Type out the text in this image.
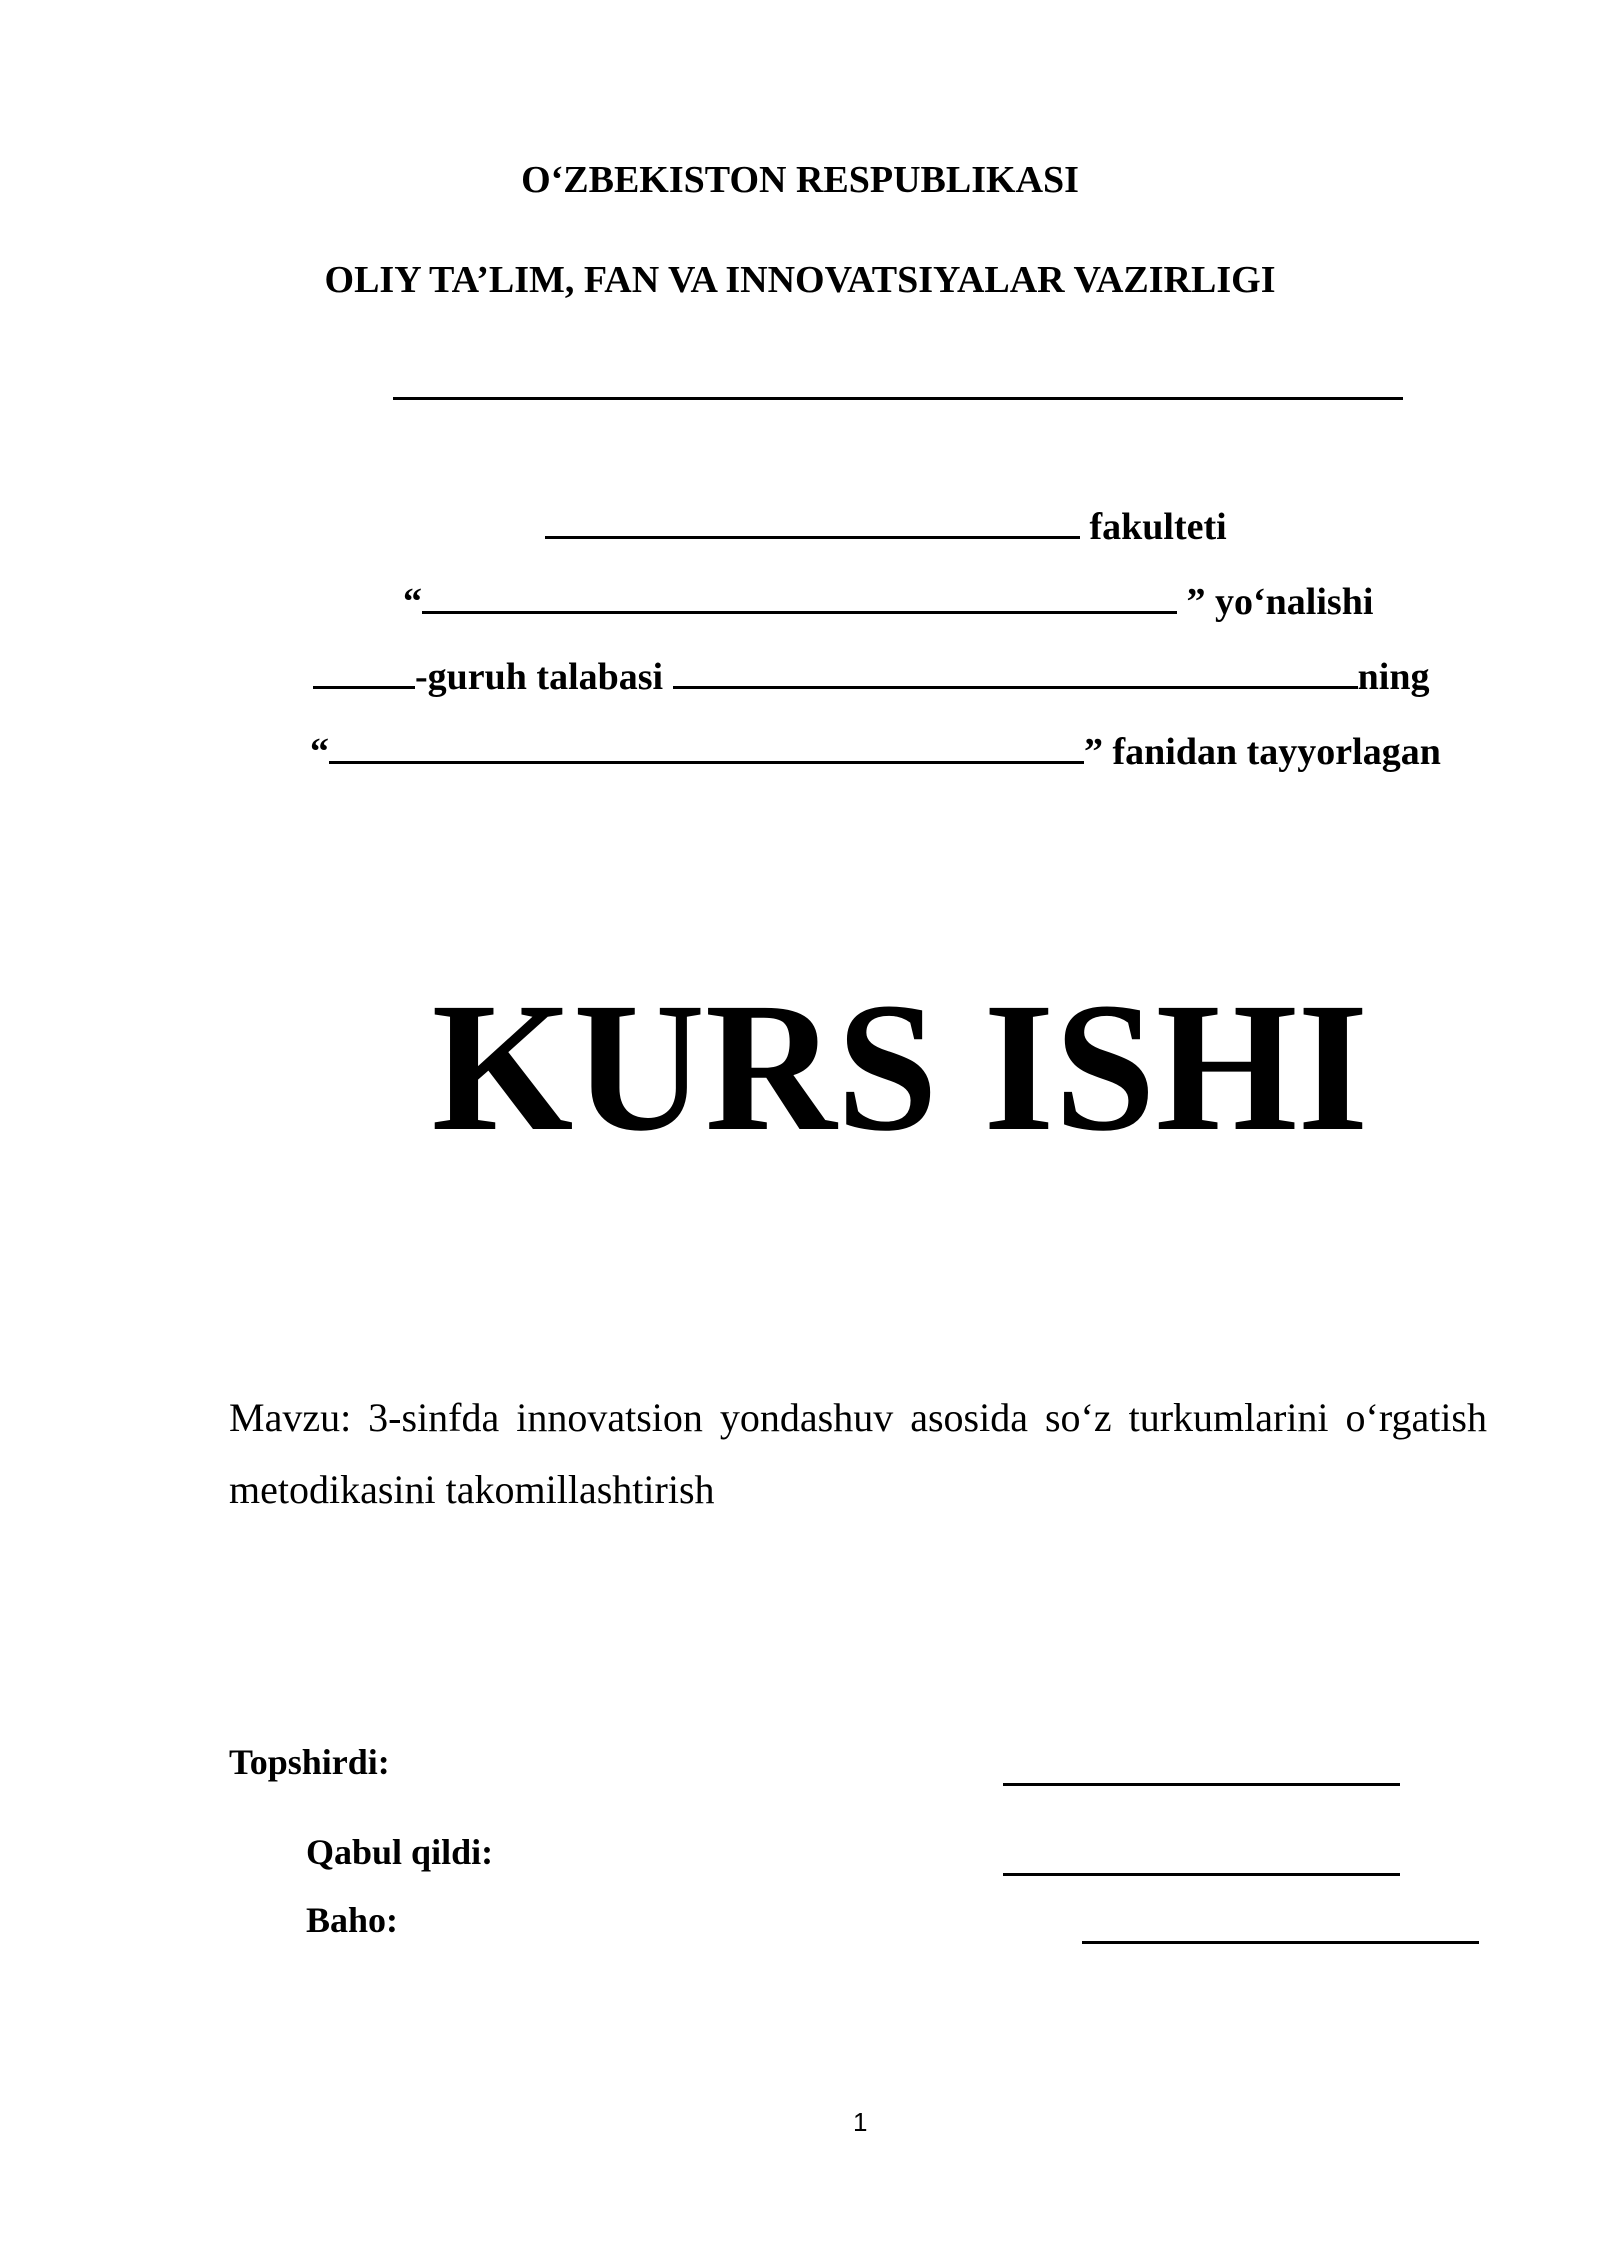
O‘ZBEKISTON RESPUBLIKASI
OLIY TA’LIM, FAN VA INNOVATSIYALAR VAZIRLIGI
fakulteti
“	” yo‘nalishi
-guruh talabasi	ning
“	” fanidan tayyorlagan
KURS ISHI
Mavzu: 3-sinfda innovatsion yondashuv asosida so‘z turkumlarini o‘rgatish metodikasini takomillashtirish
Topshirdi:
Qabul qildi:
Baho:
1
